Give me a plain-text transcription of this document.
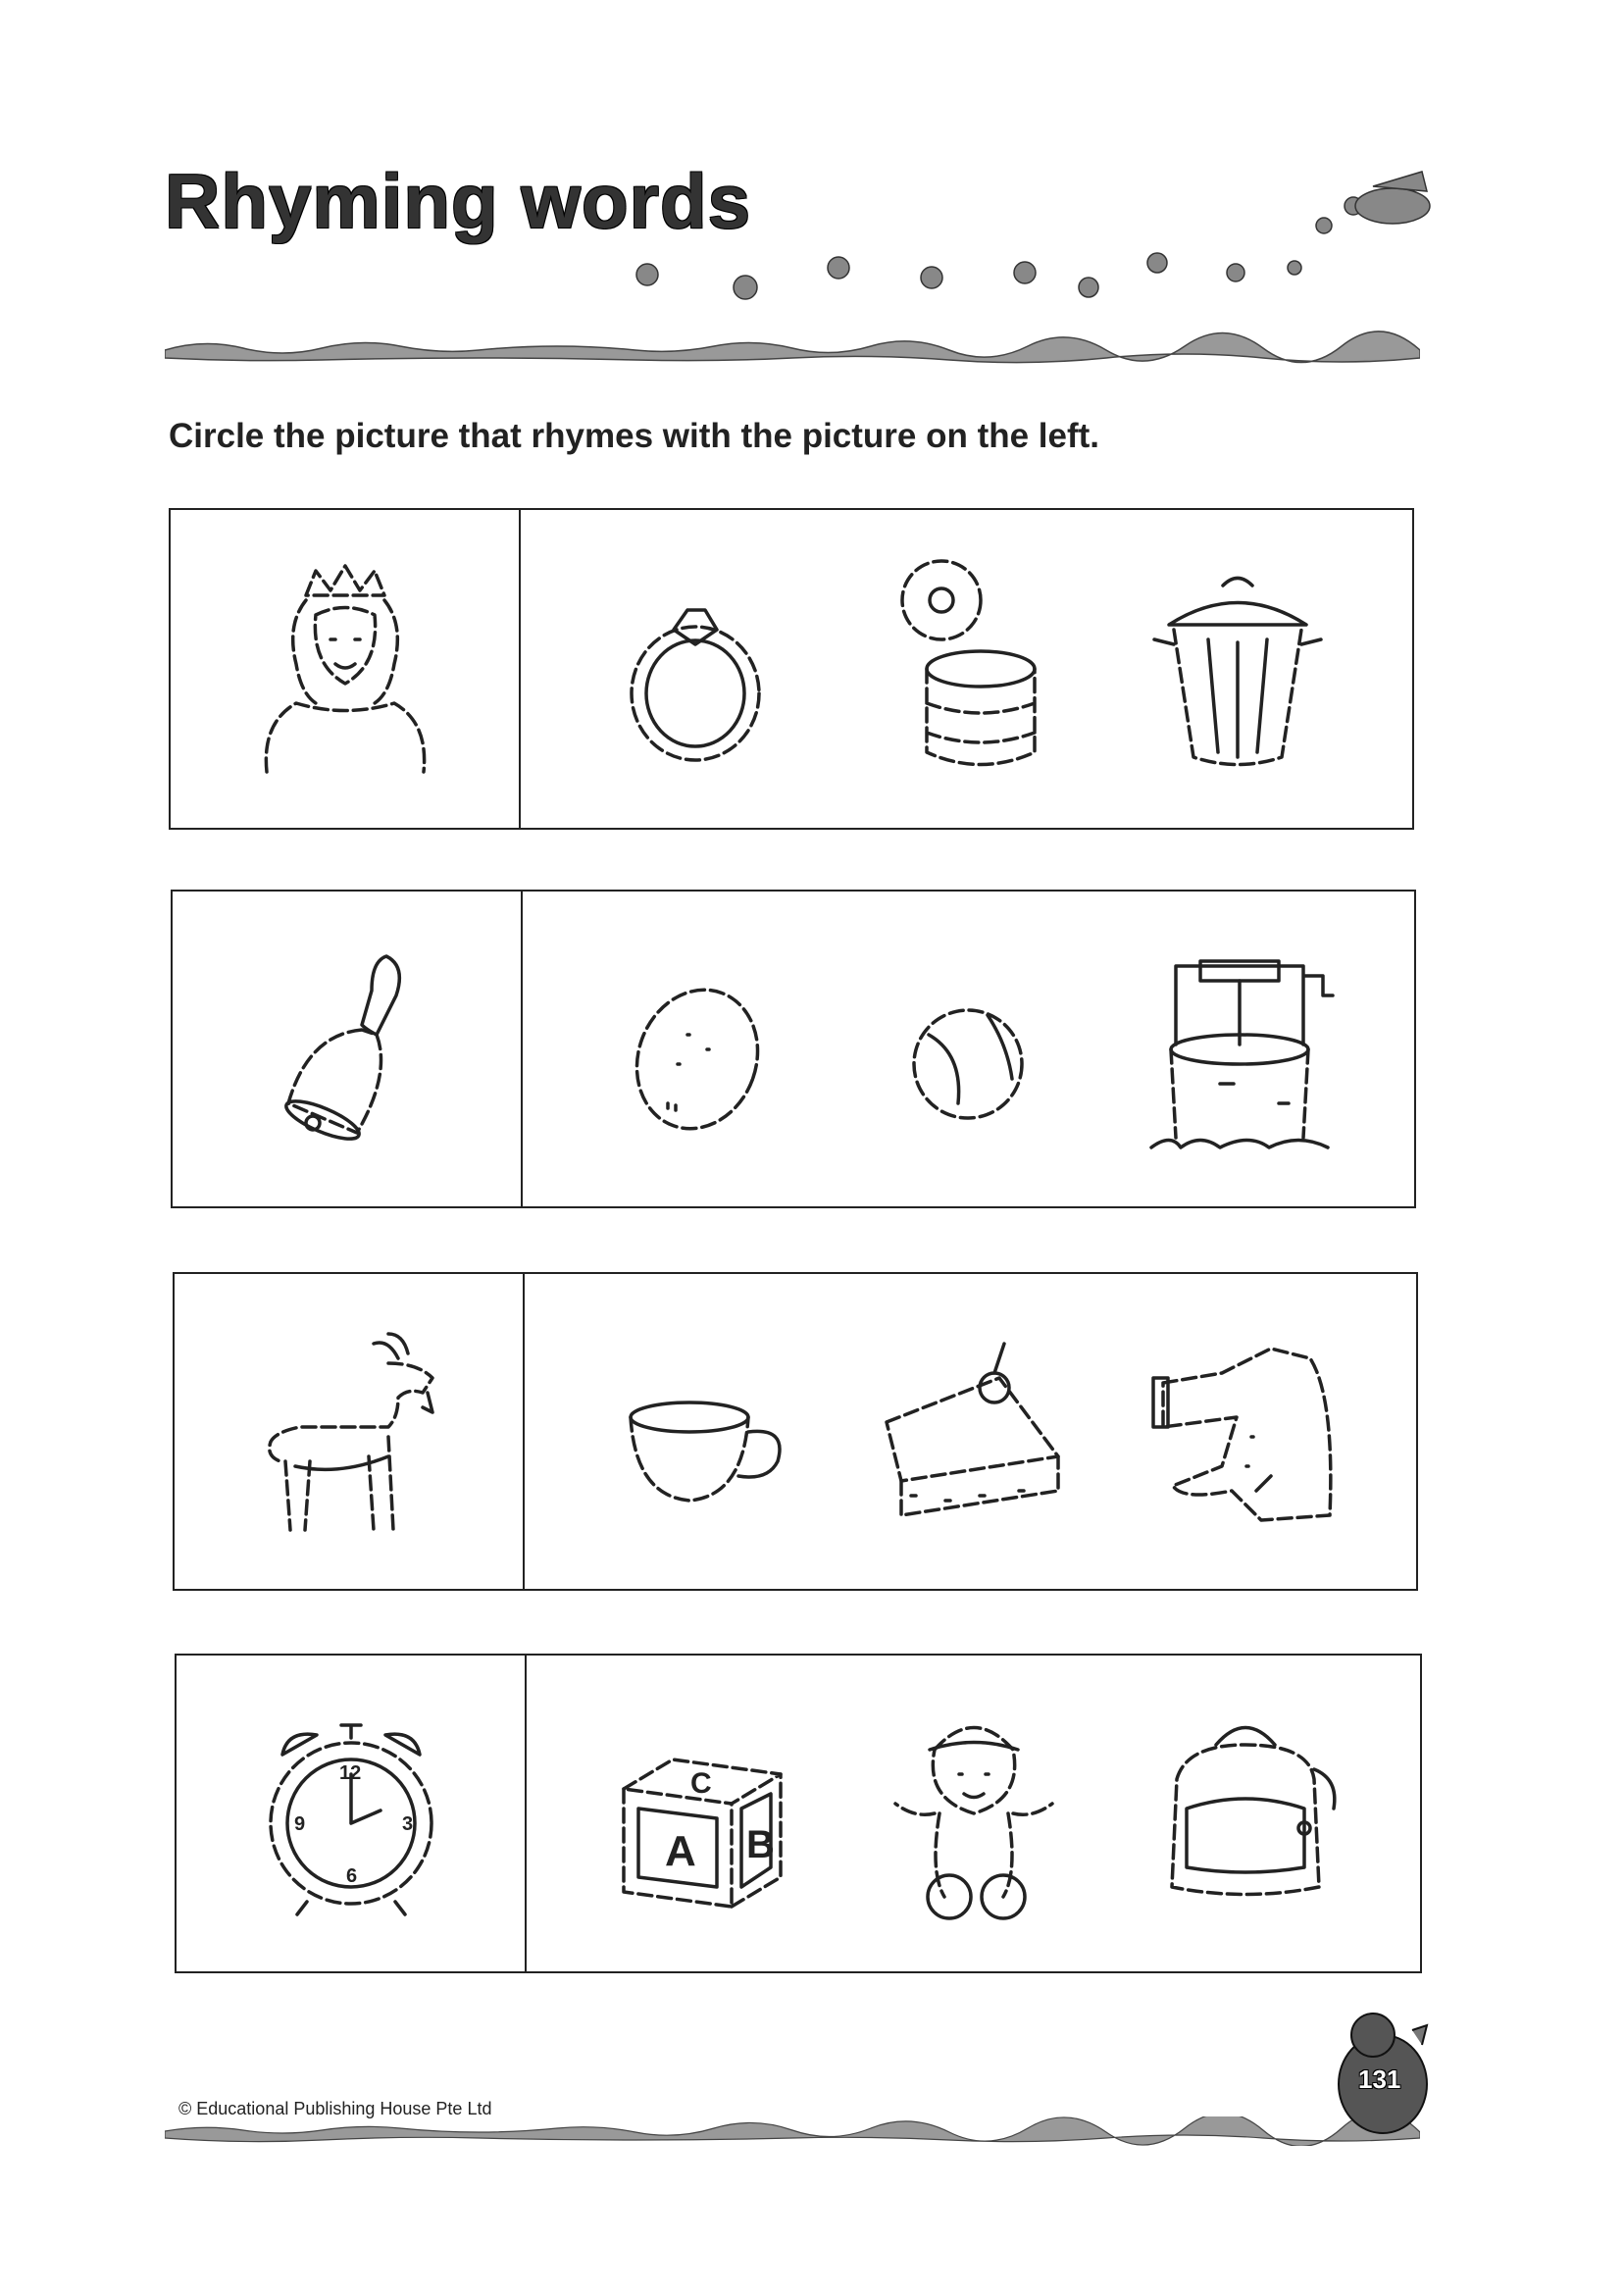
Rhyming words
Circle the picture that rhymes with the picture on the left.
12
3
6
9
A B
C
© Educational Publishing House Pte Ltd
131
